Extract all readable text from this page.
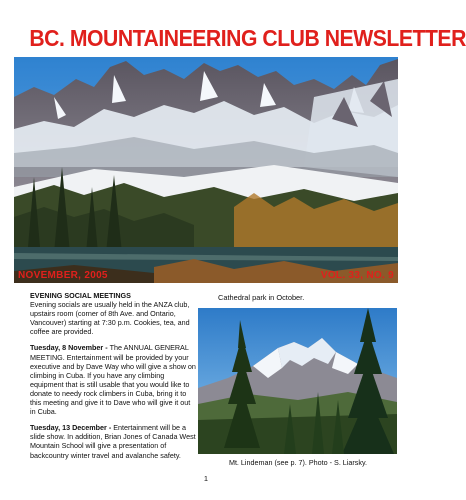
BC. MOUNTAINEERING CLUB NEWSLETTER
NOVEMBER, 2005	VOL. 33, NO. 9
EVENING SOCIAL MEETINGS

Evening socials are usually held in the ANZA club, upstairs room (corner of 8th Ave. and Ontario, Vancouver) starting at 7:30 p.m. Cookies, tea, and coffee are provided.

Tuesday, 8 November - The ANNUAL GENERAL MEETING. Entertainment will be provided by your executive and by Dave Way who will give a show on climbing in Cuba. If you have any climbing equipment that is still usable that you would like to donate to needy rock climbers in Cuba, bring it to this meeting and give it to Dave who will give it out in Cuba.

Tuesday, 13 December - Entertainment will be a slide show. In addition, Brian Jones of Canada West Mountain School will give a presentation of backcountry winter travel and avalanche safety.

Cathedral park in October.
Mt. Lindeman (see p. 7). Photo - S. Liarsky.
1
